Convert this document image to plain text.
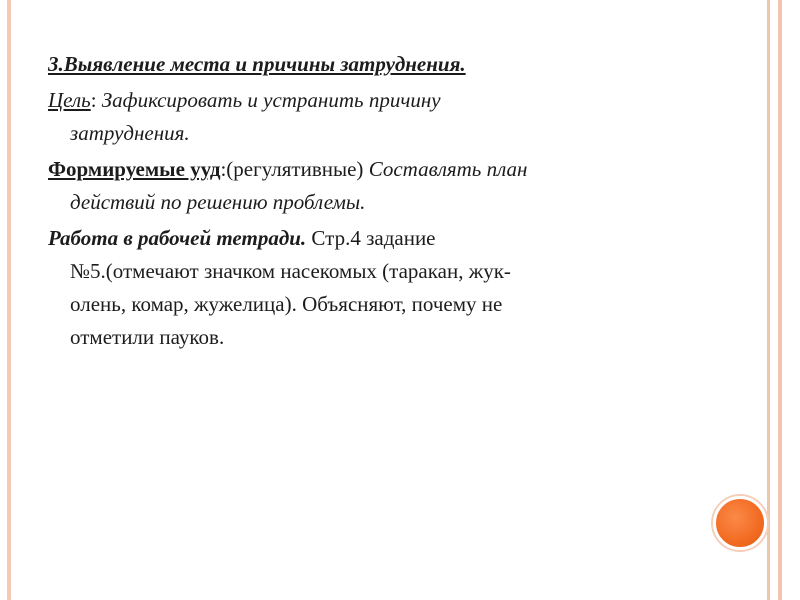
3.Выявление места и причины затруднения.

Цель: Зафиксировать и устранить причину
затруднения.

Формируемые ууд:(регулятивные) Составлять план
действий по решению проблемы.

Работа в рабочей тетради. Стр.4 задание
№5.(отмечают значком насекомых (таракан, жук-
олень, комар, жужелица). Объясняют, почему не
отметили пауков.
